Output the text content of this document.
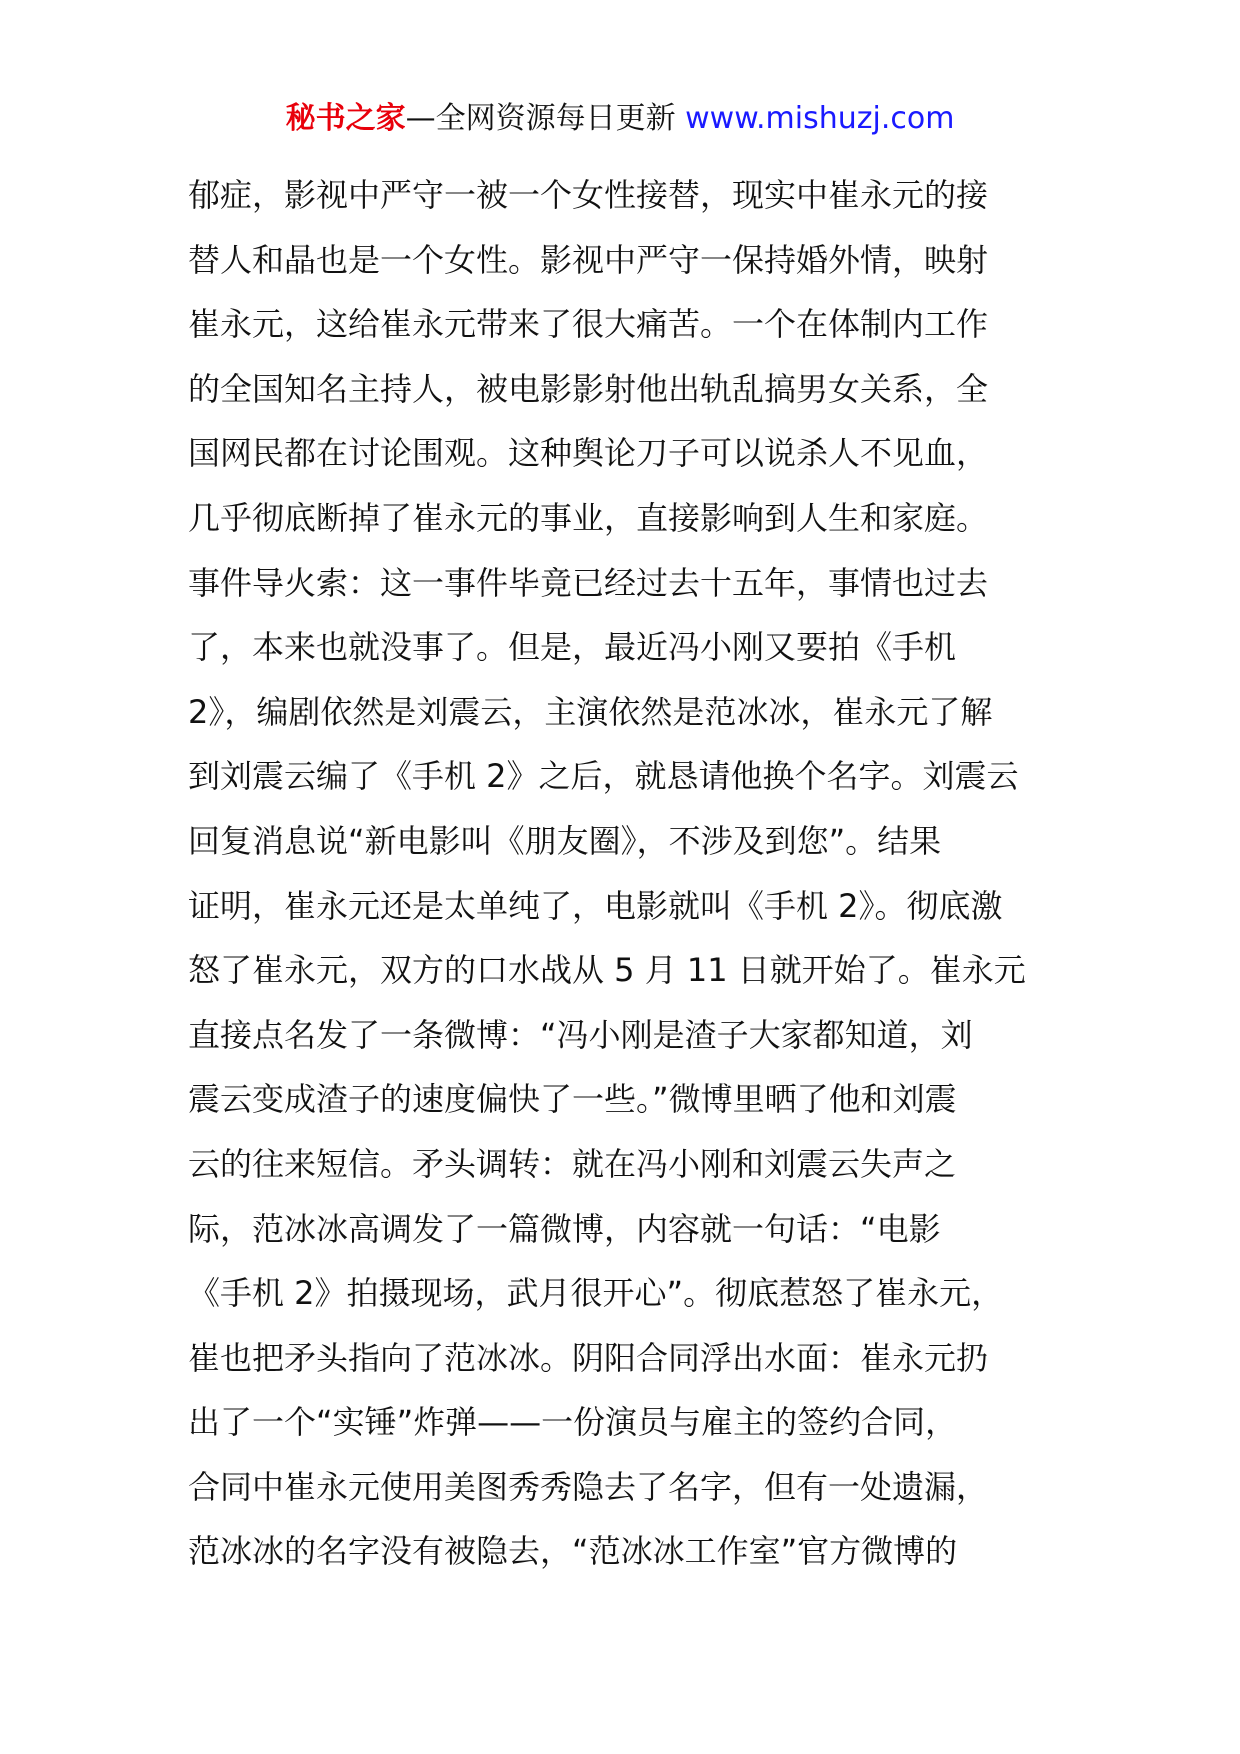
秘书之家—全网资源每日更新 www.mishuzj.com
郁症，影视中严守一被一个女性接替，现实中崔永元的接
替人和晶也是一个女性。影视中严守一保持婚外情，映射
崔永元，这给崔永元带来了很大痛苦。一个在体制内工作
的全国知名主持人，被电影影射他出轨乱搞男女关系，全
国网民都在讨论围观。这种舆论刀子可以说杀人不见血，
几乎彻底断掉了崔永元的事业，直接影响到人生和家庭。
事件导火索：这一事件毕竟已经过去十五年，事情也过去
了，本来也就没事了。但是，最近冯小刚又要拍《手机
2》，编剧依然是刘震云，主演依然是范冰冰，崔永元了解
到刘震云编了《手机 2》之后，就恳请他换个名字。刘震云
回复消息说“新电影叫《朋友圈》，不涉及到您”。结果
证明，崔永元还是太单纯了，电影就叫《手机 2》。彻底激
怒了崔永元，双方的口水战从 5 月 11 日就开始了。崔永元
直接点名发了一条微博：“冯小刚是渣子大家都知道，刘
震云变成渣子的速度偏快了一些。”微博里晒了他和刘震
云的往来短信。矛头调转：就在冯小刚和刘震云失声之
际，范冰冰高调发了一篇微博，内容就一句话：“电影
《手机 2》拍摄现场，武月很开心”。彻底惹怒了崔永元，
崔也把矛头指向了范冰冰。阴阳合同浮出水面：崔永元扔
出了一个“实锤”炸弹——一份演员与雇主的签约合同，
合同中崔永元使用美图秀秀隐去了名字，但有一处遗漏，
范冰冰的名字没有被隐去，“范冰冰工作室”官方微博的
